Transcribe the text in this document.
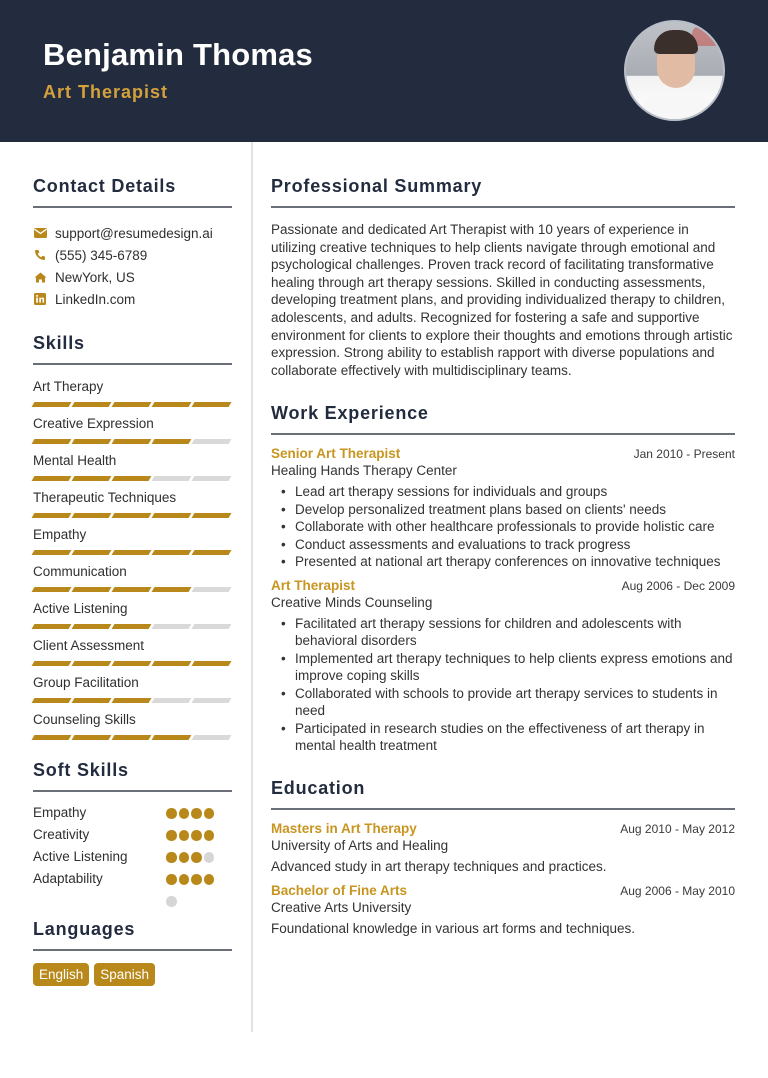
Benjamin Thomas
Art Therapist
Contact Details
support@resumedesign.ai
(555) 345-6789
NewYork, US
LinkedIn.com
Skills
Art Therapy
Creative Expression
Mental Health
Therapeutic Techniques
Empathy
Communication
Active Listening
Client Assessment
Group Facilitation
Counseling Skills
Soft Skills
Empathy
Creativity
Active Listening
Adaptability
Languages
English	Spanish
Professional Summary

Passionate and dedicated Art Therapist with 10 years of experience in utilizing creative techniques to help clients navigate through emotional and psychological challenges. Proven track record of facilitating transformative healing through art therapy sessions. Skilled in conducting assessments, developing treatment plans, and providing individualized therapy to children, adolescents, and adults. Recognized for fostering a safe and supportive environment for clients to explore their thoughts and emotions through artistic expression. Strong ability to establish rapport with diverse populations and collaborate effectively with multidisciplinary teams.

Work Experience
Senior Art Therapist	Jan 2010 - Present
Healing Hands Therapy Center
• Lead art therapy sessions for individuals and groups
• Develop personalized treatment plans based on clients' needs
• Collaborate with other healthcare professionals to provide holistic care
• Conduct assessments and evaluations to track progress
• Presented at national art therapy conferences on innovative techniques
Art Therapist	Aug 2006 - Dec 2009
Creative Minds Counseling
• Facilitated art therapy sessions for children and adolescents with behavioral disorders
• Implemented art therapy techniques to help clients express emotions and improve coping skills
• Collaborated with schools to provide art therapy services to students in need
• Participated in research studies on the effectiveness of art therapy in mental health treatment
Education
Masters in Art Therapy	Aug 2010 - May 2012
University of Arts and Healing
Advanced study in art therapy techniques and practices.
Bachelor of Fine Arts	Aug 2006 - May 2010
Creative Arts University
Foundational knowledge in various art forms and techniques.
